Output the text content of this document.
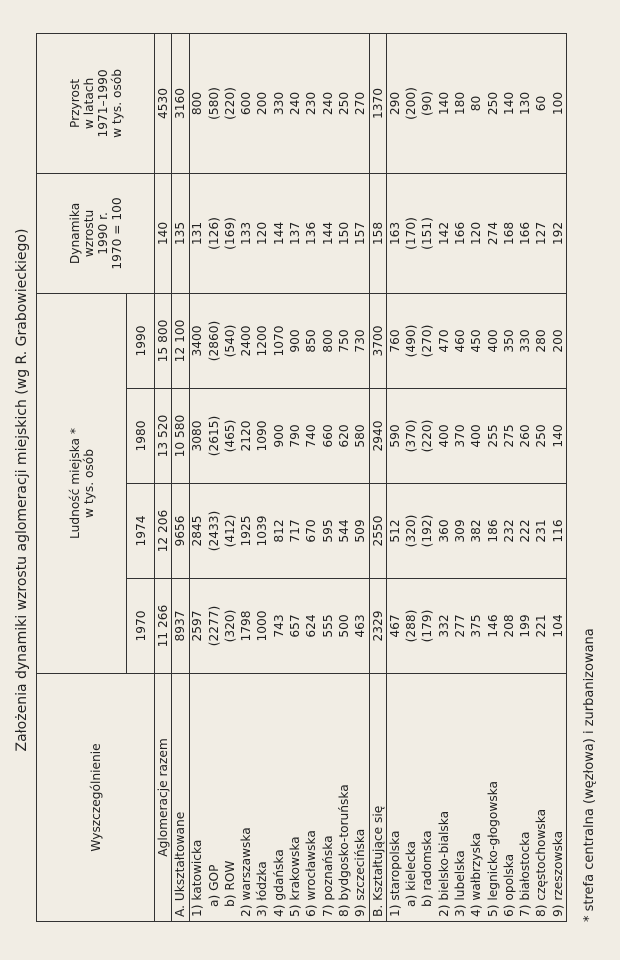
Założenia dynamiki wzrostu aglomeracji miejskich (wg R. Grabowieckiego)
Wyszczególnienie	Ludność miejska * w tys. osób				Dynamika wzrostu 1990 r. 1970 = 100	Przyrost w latach 1971–1990 w tys. osób

	1970	1974	1980	1990		
Aglomeracje razem	11 266	12 206	13 520	15 800	140	4530
A. Ukształtowane	8937	9656	10 580	12 100	135	3160
1) katowicka	2597	2845	3080	3400	131	800
a) GOP	(2277)	(2433)	(2615)	(2860)	(126)	(580)
b) ROW	(320)	(412)	(465)	(540)	(169)	(220)
2) warszawska	1798	1925	2120	2400	133	600
3) łódzka	1000	1039	1090	1200	120	200
4) gdańska	743	812	900	1070	144	330
5) krakowska	657	717	790	900	137	240
6) wrocławska	624	670	740	850	136	230
7) poznańska	555	595	660	800	144	240
8) bydgosko-toruńska	500	544	620	750	150	250
9) szczecińska	463	509	580	730	157	270
B. Kształtujące się	2329	2550	2940	3700	158	1370
1) staropolska	467	512	590	760	163	290
a) kielecka	(288)	(320)	(370)	(490)	(170)	(200)
b) radomska	(179)	(192)	(220)	(270)	(151)	(90)
2) bielsko-bialska	332	360	400	470	142	140
3) lubelska	277	309	370	460	166	180
4) wałbrzyska	375	382	400	450	120	80
5) legnicko-głogowska	146	186	255	400	274	250
6) opolska	208	232	275	350	168	140
7) białostocka	199	222	260	330	166	130
8) częstochowska	221	231	250	280	127	60
9) rzeszowska	104	116	140	200	192	100
* strefa centralna (węzłowa) i zurbanizowana
